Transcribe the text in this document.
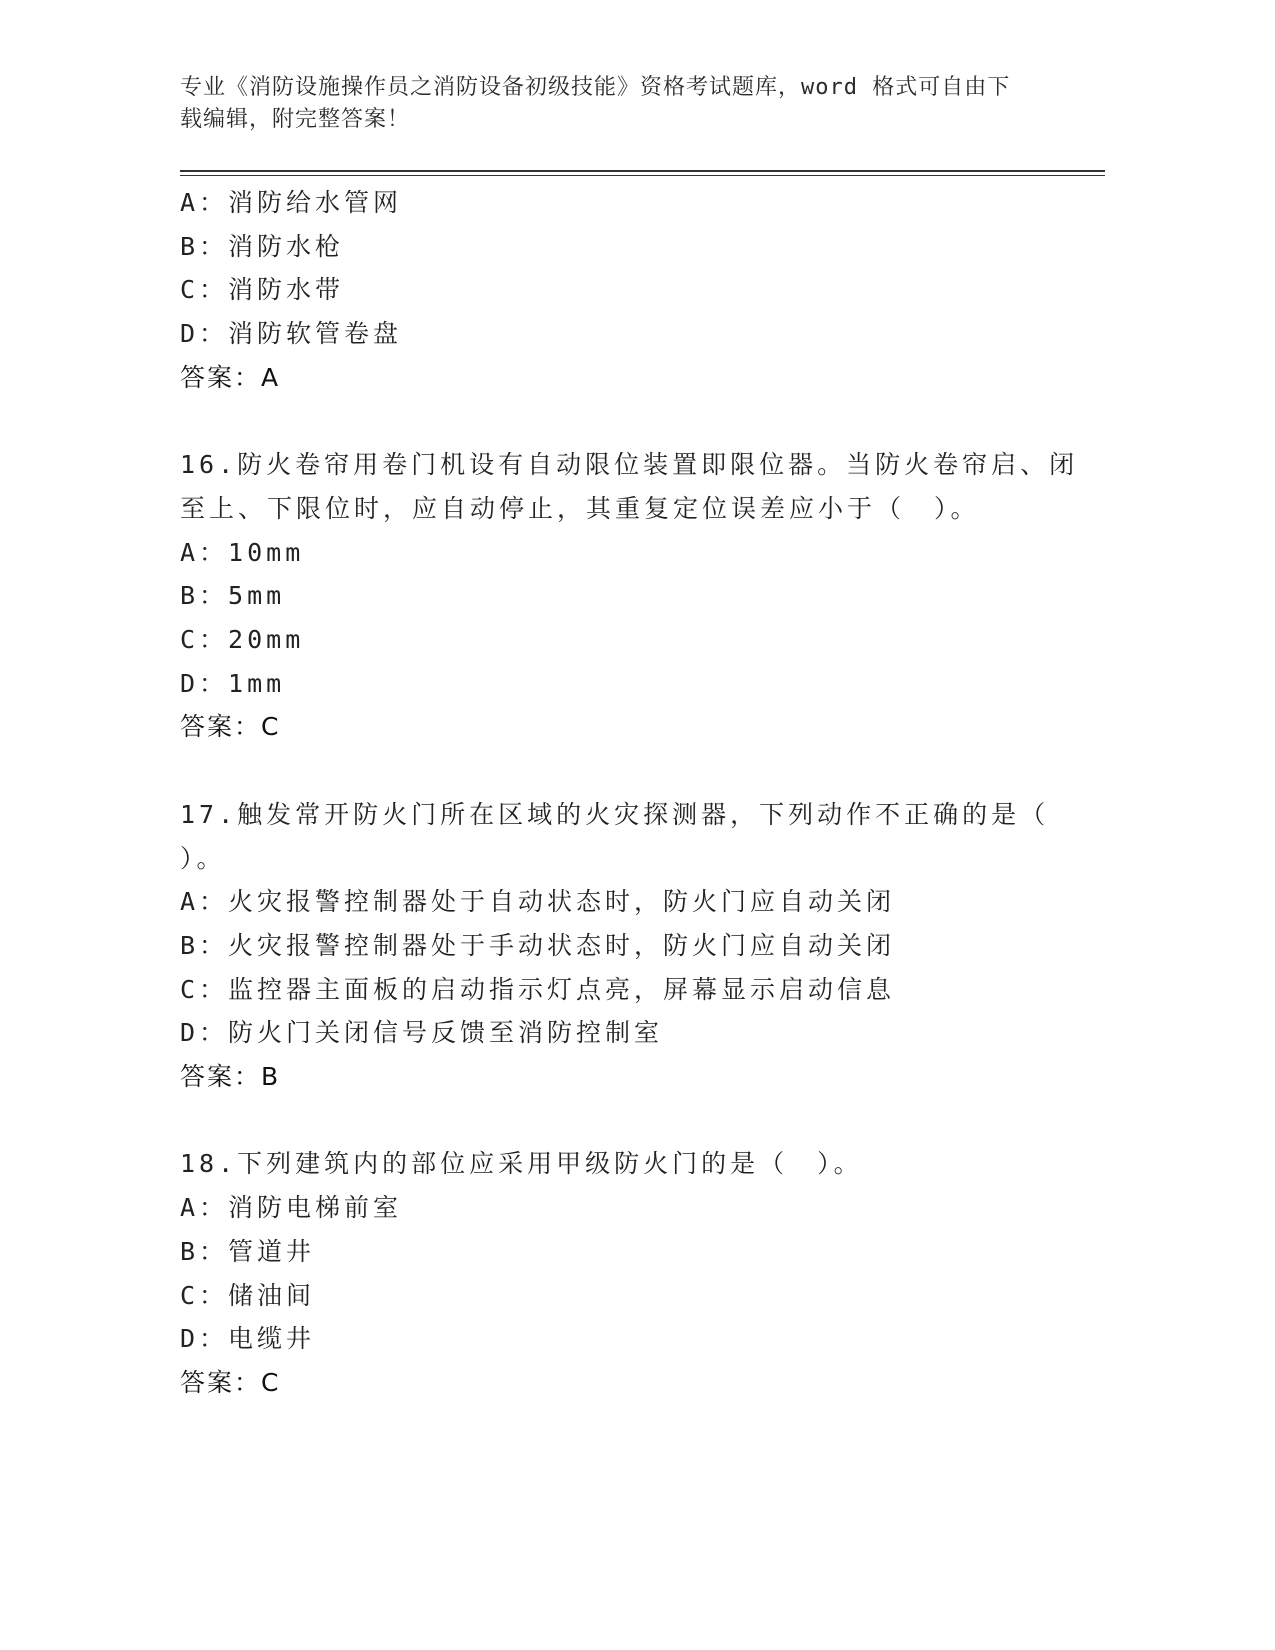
专业《消防设施操作员之消防设备初级技能》资格考试题库，word 格式可自由下
载编辑，附完整答案！
A：消防给水管网
B：消防水枪
C：消防水带
D：消防软管卷盘
答案：A
16.防火卷帘用卷门机设有自动限位装置即限位器。当防火卷帘启、闭
至上、下限位时，应自动停止，其重复定位误差应小于（　）。
A：10mm
B：5mm
C：20mm
D：1mm
答案：C
17.触发常开防火门所在区域的火灾探测器，下列动作不正确的是（
）。
A：火灾报警控制器处于自动状态时，防火门应自动关闭
B：火灾报警控制器处于手动状态时，防火门应自动关闭
C：监控器主面板的启动指示灯点亮，屏幕显示启动信息
D：防火门关闭信号反馈至消防控制室
答案：B
18.下列建筑内的部位应采用甲级防火门的是（　）。
A：消防电梯前室
B：管道井
C：储油间
D：电缆井
答案：C
